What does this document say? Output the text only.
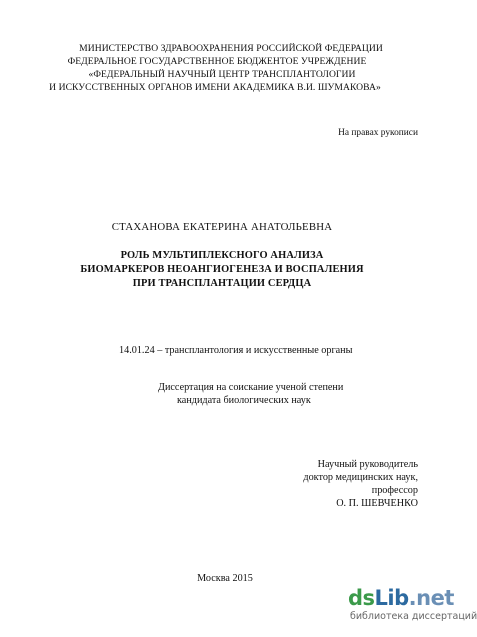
МИНИСТЕРСТВО ЗДРАВООХРАНЕНИЯ РОССИЙСКОЙ ФЕДЕРАЦИИ
ФЕДЕРАЛЬНОЕ ГОСУДАРСТВЕННОЕ БЮДЖЕНТОЕ УЧРЕЖДЕНИЕ
«ФЕДЕРАЛЬНЫЙ НАУЧНЫЙ ЦЕНТР ТРАНСПЛАНТОЛОГИИ
И ИСКУССТВЕННЫХ ОРГАНОВ ИМЕНИ АКАДЕМИКА В.И. ШУМАКОВА»
На правах рукописи
СТАХАНОВА ЕКАТЕРИНА АНАТОЛЬЕВНА
РОЛЬ МУЛЬТИПЛЕКСНОГО АНАЛИЗА
БИОМАРКЕРОВ НЕОАНГИОГЕНЕЗА И ВОСПАЛЕНИЯ
ПРИ ТРАНСПЛАНТАЦИИ СЕРДЦА
14.01.24 – трансплантология и искусственные органы
Диссертация на соискание ученой степени
кандидата биологических наук
Научный руководитель
доктор медицинских наук,
профессор
О. П. ШЕВЧЕНКО
Москва 2015
dsLib.net
библиотека диссертаций
